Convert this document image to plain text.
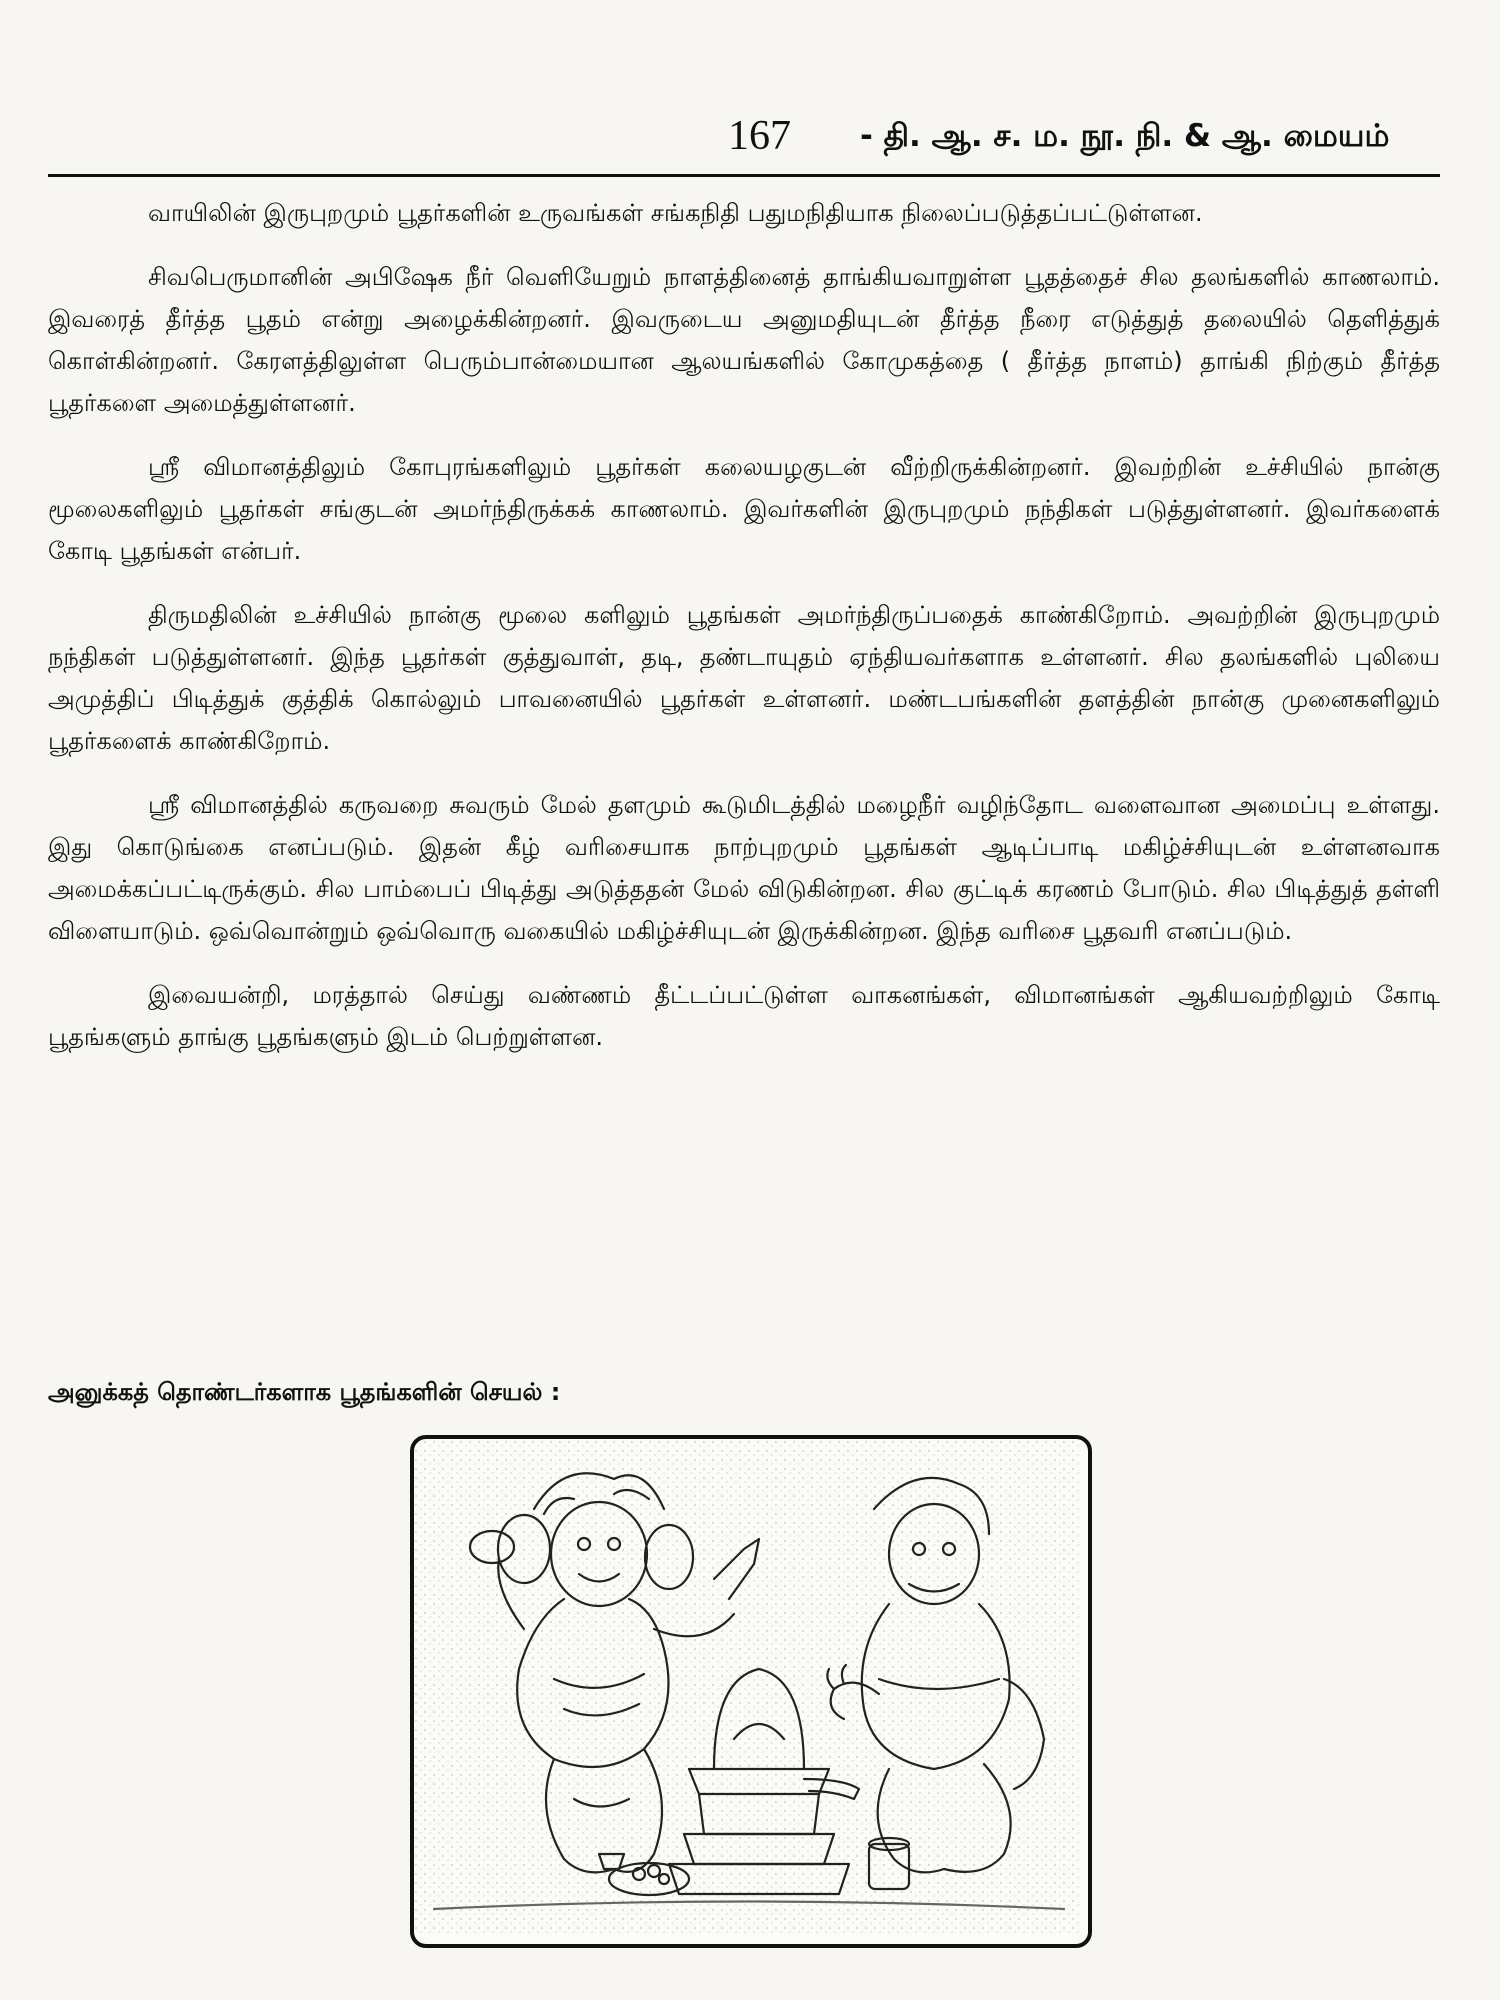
167 - தி. ஆ. ச. ம. நூ. நி. & ஆ. மையம்

வாயிலின் இருபுறமும் பூதர்களின் உருவங்கள் சங்கநிதி பதுமநிதியாக நிலைப்படுத்தப்பட்டுள்ளன.

சிவபெருமானின் அபிஷேக நீர் வெளியேறும் நாளத்தினைத் தாங்கியவாறுள்ள பூதத்தைச் சில தலங்களில் காணலாம். இவரைத் தீர்த்த பூதம் என்று அழைக்கின்றனர். இவருடைய அனுமதியுடன் தீர்த்த நீரை எடுத்துத் தலையில் தெளித்துக் கொள்கின்றனர். கேரளத்திலுள்ள பெரும்பான்மையான ஆலயங்களில் கோமுகத்தை ( தீர்த்த நாளம்) தாங்கி நிற்கும் தீர்த்த பூதர்களை அமைத்துள்ளனர்.

ஸ்ரீ விமானத்திலும் கோபுரங்களிலும் பூதர்கள் கலையழகுடன் வீற்றிருக்கின்றனர். இவற்றின் உச்சியில் நான்கு மூலைகளிலும் பூதர்கள் சங்குடன் அமர்ந்திருக்கக் காணலாம். இவர்களின் இருபுறமும் நந்திகள் படுத்துள்ளனர். இவர்களைக் கோடி பூதங்கள் என்பர்.

திருமதிலின் உச்சியில் நான்கு மூலை களிலும் பூதங்கள் அமர்ந்திருப்பதைக் காண்கிறோம். அவற்றின் இருபுறமும் நந்திகள் படுத்துள்ளனர். இந்த பூதர்கள் குத்துவாள், தடி, தண்டாயுதம் ஏந்தியவர்களாக உள்ளனர். சில தலங்களில் புலியை அமுத்திப் பிடித்துக் குத்திக் கொல்லும் பாவனையில் பூதர்கள் உள்ளனர். மண்டபங்களின் தளத்தின் நான்கு முனைகளிலும் பூதர்களைக் காண்கிறோம்.

ஸ்ரீ விமானத்தில் கருவறை சுவரும் மேல் தளமும் கூடுமிடத்தில் மழைநீர் வழிந்தோட வளைவான அமைப்பு உள்ளது. இது கொடுங்கை எனப்படும். இதன் கீழ் வரிசையாக நாற்புறமும் பூதங்கள் ஆடிப்பாடி மகிழ்ச்சியுடன் உள்ளனவாக அமைக்கப்பட்டிருக்கும். சில பாம்பைப் பிடித்து அடுத்ததன் மேல் விடுகின்றன. சில குட்டிக் கரணம் போடும். சில பிடித்துத் தள்ளி விளையாடும். ஒவ்வொன்றும் ஒவ்வொரு வகையில் மகிழ்ச்சியுடன் இருக்கின்றன. இந்த வரிசை பூதவரி எனப்படும்.

இவையன்றி, மரத்தால் செய்து வண்ணம் தீட்டப்பட்டுள்ள வாகனங்கள், விமானங்கள் ஆகியவற்றிலும் கோடி பூதங்களும் தாங்கு பூதங்களும் இடம் பெற்றுள்ளன.

அனுக்கத் தொண்டர்களாக பூதங்களின் செயல் :
